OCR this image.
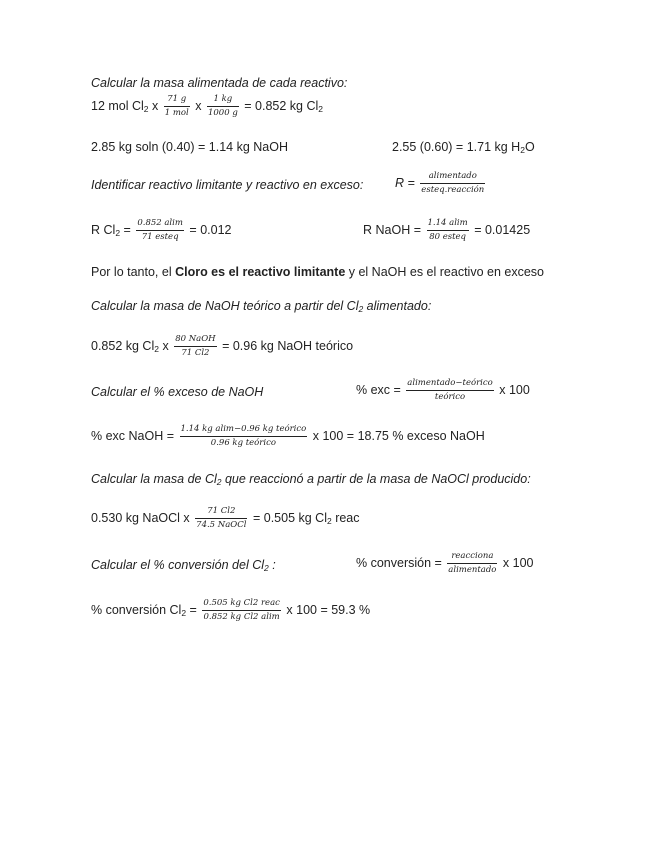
Calcular la masa alimentada de cada reactivo:
12 mol $Cl_2$ x $\frac{71 g}{\text{1 mol}}$ x $\frac{1 kg}{1000 g} = 0.852$ kg $Cl_2$
2.85 kg soln (0.40) = 1.14 kg NaOH	2.55 (0.60) = 1.71 kg $H_2O$
Identificar reactivo limitante y reactivo en exceso:	$R = \frac{\text{alimentado}}{\text{esteq.reacción}}$
R $Cl_2 = \frac{0.852 alim}{\text{71 esteq}} = 0.012$	R NaOH = $\frac{1.14 alim}{\text{80 esteq}} = 0.01425$
Por lo tanto, el Cloro es el reactivo limitante y el NaOH es el reactivo en exceso
Calcular la masa de NaOH teórico a partir del $Cl_2$ alimentado:
0.852 kg $Cl_2$ x $\frac{\text{80 NaOH}}{71 Cl2} = 0.96$ kg NaOH teórico
Calcular el % exceso de NaOH	% exc = $\frac{\text{alimentado−teórico}}{\text{teórico}}$ x 100
% exc NaOH = $\frac{\text{1.14 kg alim−0.96 kg teórico}}{\text{0.96 kg teórico}}$ x 100 = 18.75 % exceso NaOH
Calcular la masa de $Cl_2$ que reaccionó a partir de la masa de NaOCl producido:
0.530 kg NaOCl x $\frac{71 Cl2}{\text{74.5 NaOCl}} = 0.505$ kg $Cl_2$ reac
Calcular el % conversión del $Cl_2$ :	% conversión = $\frac{\text{reacciona}}{\text{alimentado}}$ x 100
% conversión $Cl_2 = \frac{\text{0.505 kg Cl2 reac}}{\text{0.852 kg Cl2 alim}}$ x 100 = 59.3 %
